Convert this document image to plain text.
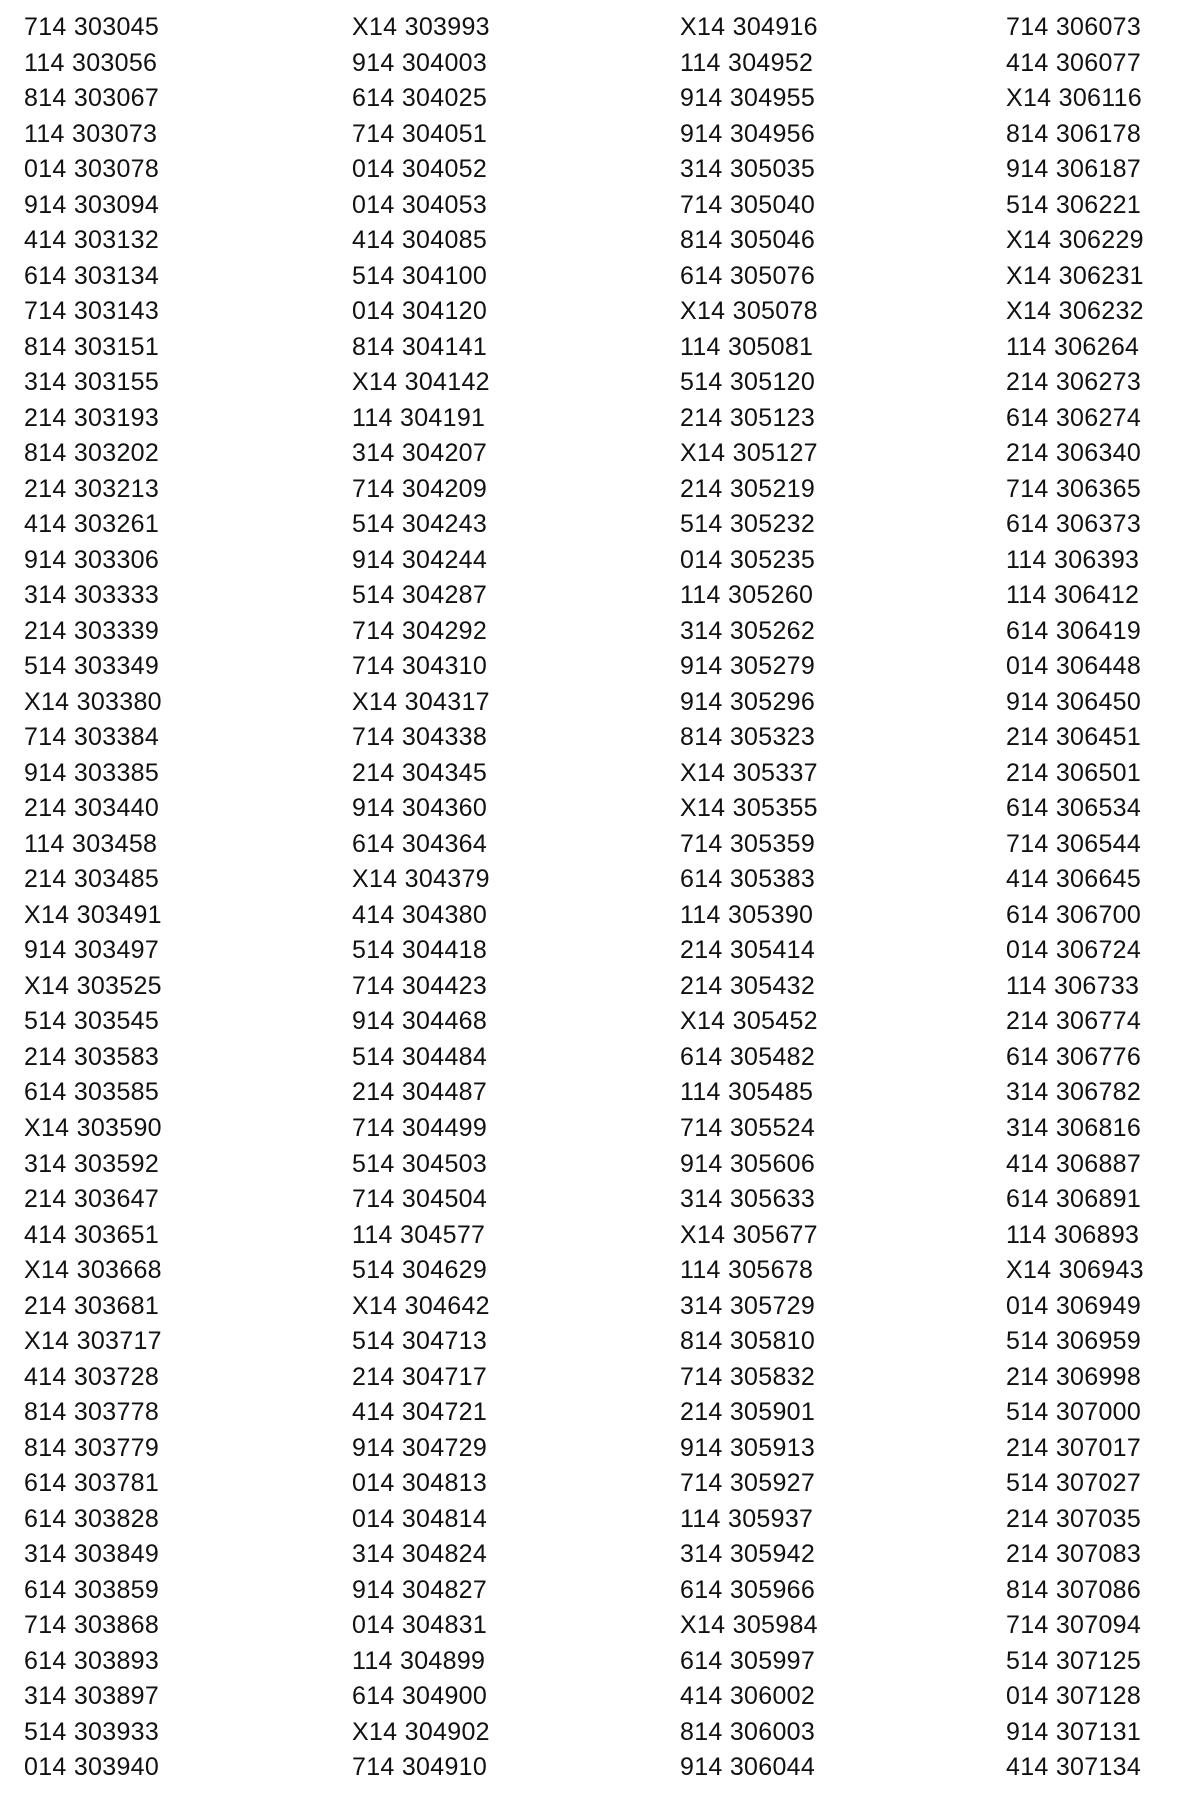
714 303045
114 303056
814 303067
114 303073
014 303078
914 303094
414 303132
614 303134
714 303143
814 303151
314 303155
214 303193
814 303202
214 303213
414 303261
914 303306
314 303333
214 303339
514 303349
X14 303380
714 303384
914 303385
214 303440
114 303458
214 303485
X14 303491
914 303497
X14 303525
514 303545
214 303583
614 303585
X14 303590
314 303592
214 303647
414 303651
X14 303668
214 303681
X14 303717
414 303728
814 303778
814 303779
614 303781
614 303828
314 303849
614 303859
714 303868
614 303893
314 303897
514 303933
014 303940
X14 303993
914 304003
614 304025
714 304051
014 304052
014 304053
414 304085
514 304100
014 304120
814 304141
X14 304142
114 304191
314 304207
714 304209
514 304243
914 304244
514 304287
714 304292
714 304310
X14 304317
714 304338
214 304345
914 304360
614 304364
X14 304379
414 304380
514 304418
714 304423
914 304468
514 304484
214 304487
714 304499
514 304503
714 304504
114 304577
514 304629
X14 304642
514 304713
214 304717
414 304721
914 304729
014 304813
014 304814
314 304824
914 304827
014 304831
114 304899
614 304900
X14 304902
714 304910
X14 304916
114 304952
914 304955
914 304956
314 305035
714 305040
814 305046
614 305076
X14 305078
114 305081
514 305120
214 305123
X14 305127
214 305219
514 305232
014 305235
114 305260
314 305262
914 305279
914 305296
814 305323
X14 305337
X14 305355
714 305359
614 305383
114 305390
214 305414
214 305432
X14 305452
614 305482
114 305485
714 305524
914 305606
314 305633
X14 305677
114 305678
314 305729
814 305810
714 305832
214 305901
914 305913
714 305927
114 305937
314 305942
614 305966
X14 305984
614 305997
414 306002
814 306003
914 306044
714 306073
414 306077
X14 306116
814 306178
914 306187
514 306221
X14 306229
X14 306231
X14 306232
114 306264
214 306273
614 306274
214 306340
714 306365
614 306373
114 306393
114 306412
614 306419
014 306448
914 306450
214 306451
214 306501
614 306534
714 306544
414 306645
614 306700
014 306724
114 306733
214 306774
614 306776
314 306782
314 306816
414 306887
614 306891
114 306893
X14 306943
014 306949
514 306959
214 306998
514 307000
214 307017
514 307027
214 307035
214 307083
814 307086
714 307094
514 307125
014 307128
914 307131
414 307134
